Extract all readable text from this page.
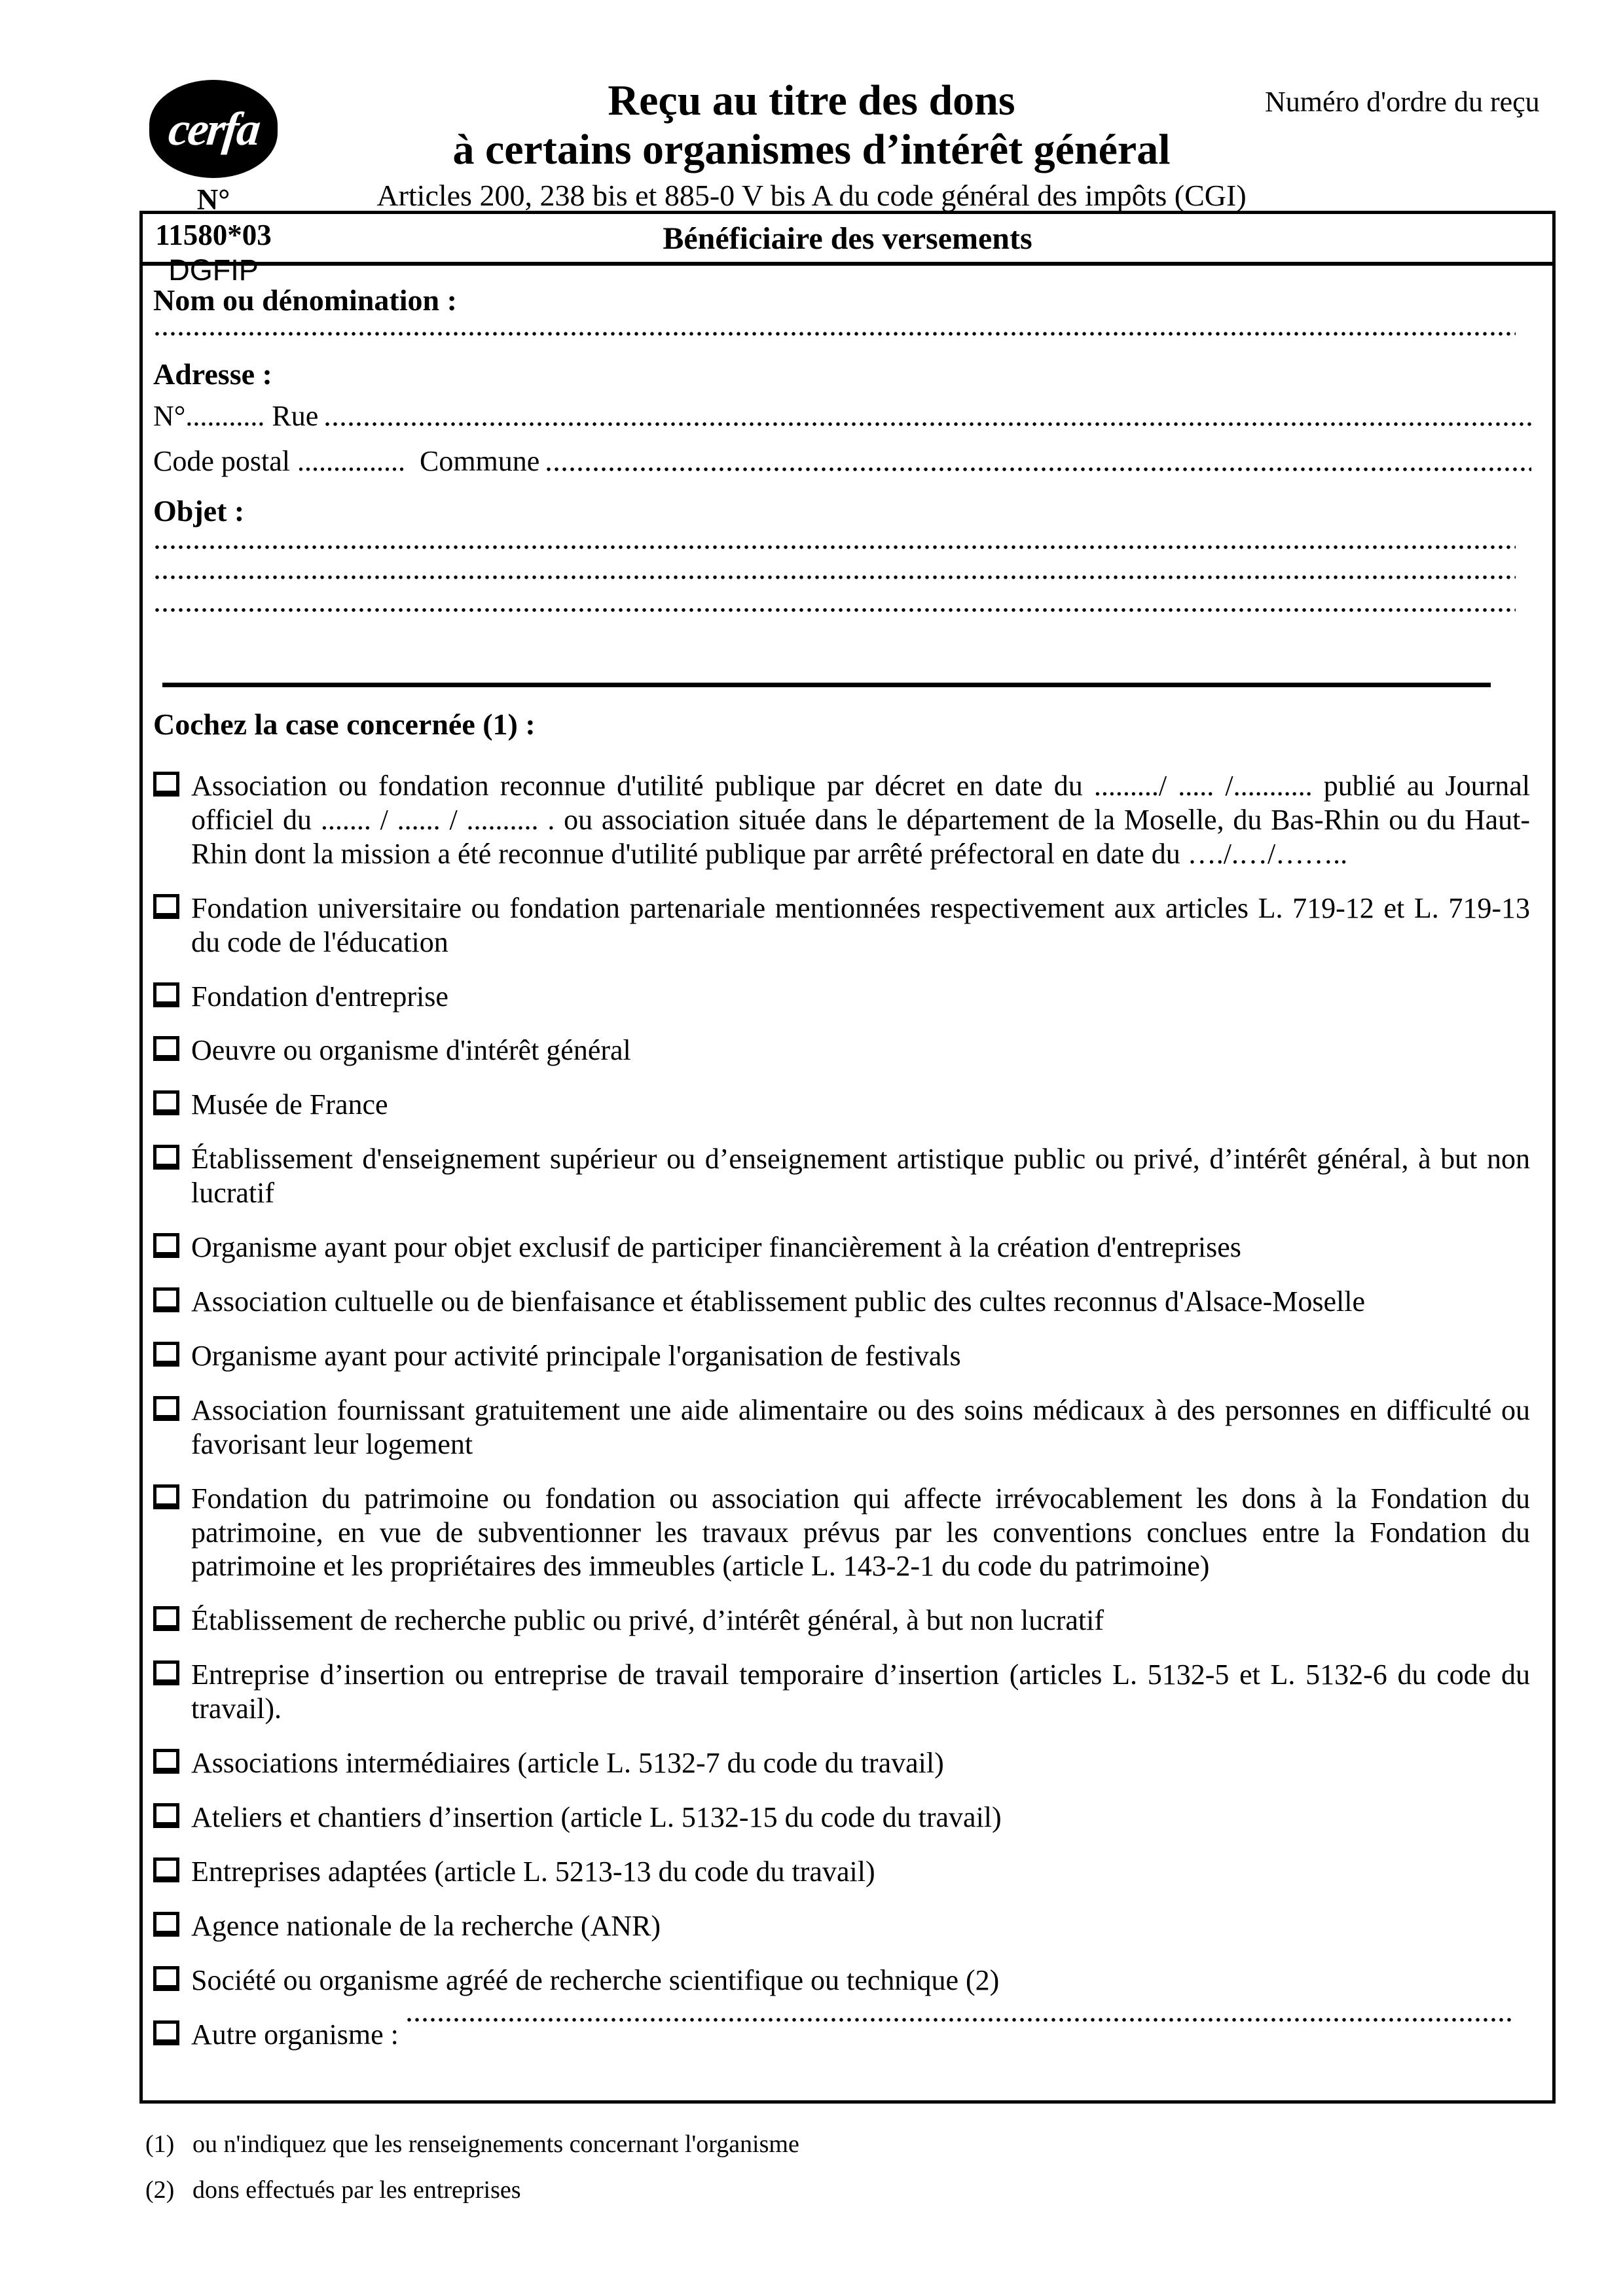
cerfa
N° 11580*03
DGFIP
Reçu au titre des dons
à certains organismes d’intérêt général
Articles 200, 238 bis et 885-0 V bis A du code général des impôts (CGI)
Numéro d'ordre du reçu
Bénéficiaire des versements
Nom ou dénomination :
Adresse :
N°........... Rue
Code postal ...............  Commune
Objet :
Cochez la case concernée (1) :
Association ou fondation reconnue d'utilité publique par décret en date du ........./ ..... /........... publié au Journal officiel du ....... / ...... / .......... . ou association située dans le département de la Moselle, du Bas-Rhin ou du Haut-Rhin dont la mission a été reconnue d'utilité publique par arrêté préfectoral en date du …./.…/……..
Fondation universitaire ou fondation partenariale mentionnées respectivement aux articles L. 719-12 et L. 719-13 du code de l'éducation
Fondation d'entreprise
Oeuvre ou organisme d'intérêt général
Musée de France
Établissement d'enseignement supérieur ou d’enseignement artistique public ou privé, d’intérêt général, à but non lucratif
Organisme ayant pour objet exclusif de participer financièrement à la création d'entreprises
Association cultuelle ou de bienfaisance et établissement public des cultes reconnus d'Alsace-Moselle
Organisme ayant pour activité principale l'organisation de festivals
Association fournissant gratuitement une aide alimentaire ou des soins médicaux à des personnes en difficulté ou favorisant leur logement
Fondation du patrimoine ou fondation ou association qui affecte irrévocablement les dons à la Fondation du patrimoine, en vue de subventionner les travaux prévus par les conventions conclues entre la Fondation du patrimoine et les propriétaires des immeubles (article L. 143-2-1 du code du patrimoine)
Établissement de recherche public ou privé, d’intérêt général, à but non lucratif
Entreprise d’insertion ou entreprise de travail temporaire d’insertion (articles L. 5132-5 et L. 5132-6 du code du travail).
Associations intermédiaires (article L. 5132-7 du code du travail)
Ateliers et chantiers d’insertion (article L. 5132-15 du code du travail)
Entreprises adaptées (article L. 5213-13 du code du travail)
Agence nationale de la recherche (ANR)
Société ou organisme agréé de recherche scientifique ou technique (2)
Autre organisme :
(1) ou n'indiquez que les renseignements concernant l'organisme
(2) dons effectués par les entreprises
